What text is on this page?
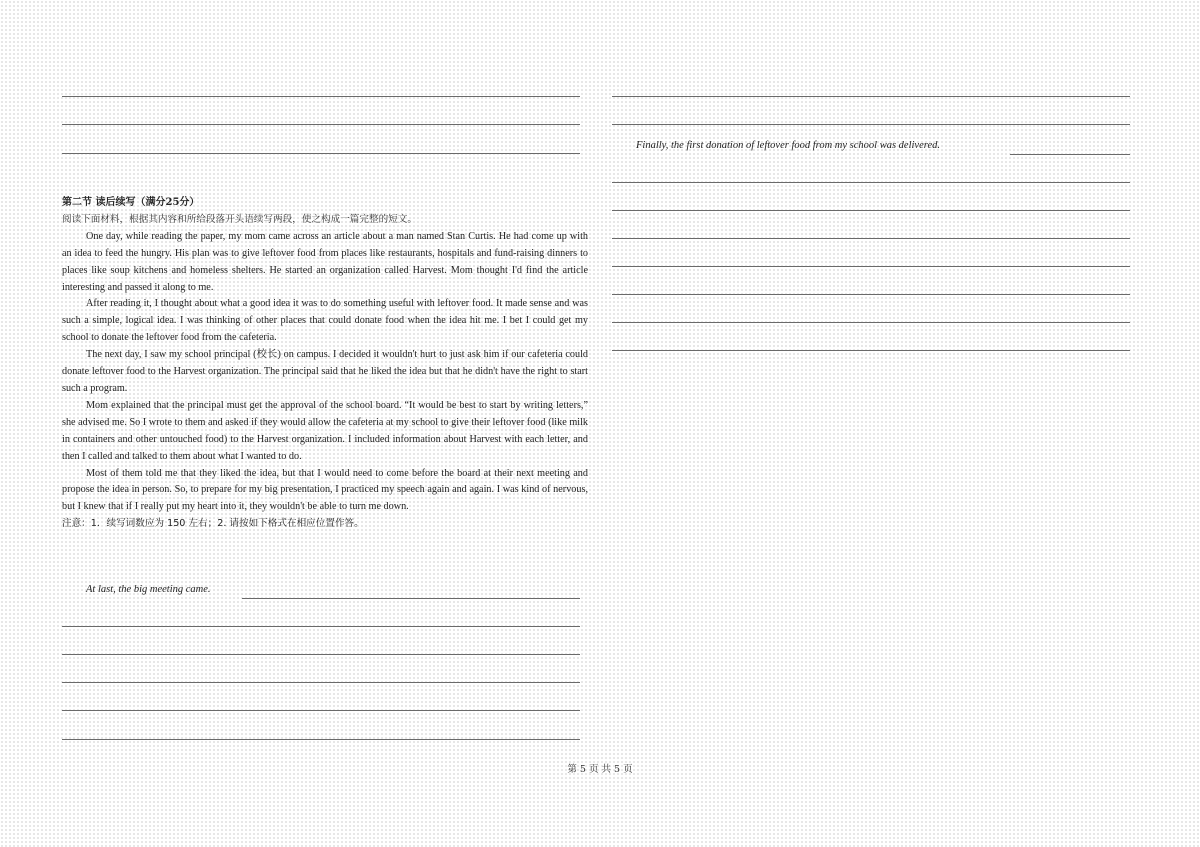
第二节 读后续写（满分25分）
阅读下面材料，根据其内容和所给段落开头语续写两段，使之构成一篇完整的短文。

One day, while reading the paper, my mom came across an article about a man named Stan Curtis. He had come up with an idea to feed the hungry. His plan was to give leftover food from places like restaurants, hospitals and fund-raising dinners to places like soup kitchens and homeless shelters. He started an organization called Harvest. Mom thought I'd find the article interesting and passed it along to me.

After reading it, I thought about what a good idea it was to do something useful with leftover food. It made sense and was such a simple, logical idea. I was thinking of other places that could donate food when the idea hit me. I bet I could get my school to donate the leftover food from the cafeteria.

The next day, I saw my school principal (校长) on campus. I decided it wouldn't hurt to just ask him if our cafeteria could donate leftover food to the Harvest organization. The principal said that he liked the idea but that he didn't have the right to start such a program.

Mom explained that the principal must get the approval of the school board. “It would be best to start by writing letters,” she advised me. So I wrote to them and asked if they would allow the cafeteria at my school to give their leftover food (like milk in containers and other untouched food) to the Harvest organization. I included information about Harvest with each letter, and then I called and talked to them about what I wanted to do.

Most of them told me that they liked the idea, but that I would need to come before the board at their next meeting and propose the idea in person. So, to prepare for my big presentation, I practiced my speech again and again. I was kind of nervous, but I knew that if I really put my heart into it, they wouldn't be able to turn me down.

注意：1．续写词数应为 150 左右；2. 请按如下格式在相应位置作答。
At last, the big meeting came.
Finally, the first donation of leftover food from my school was delivered.
第 5 页 共 5 页
